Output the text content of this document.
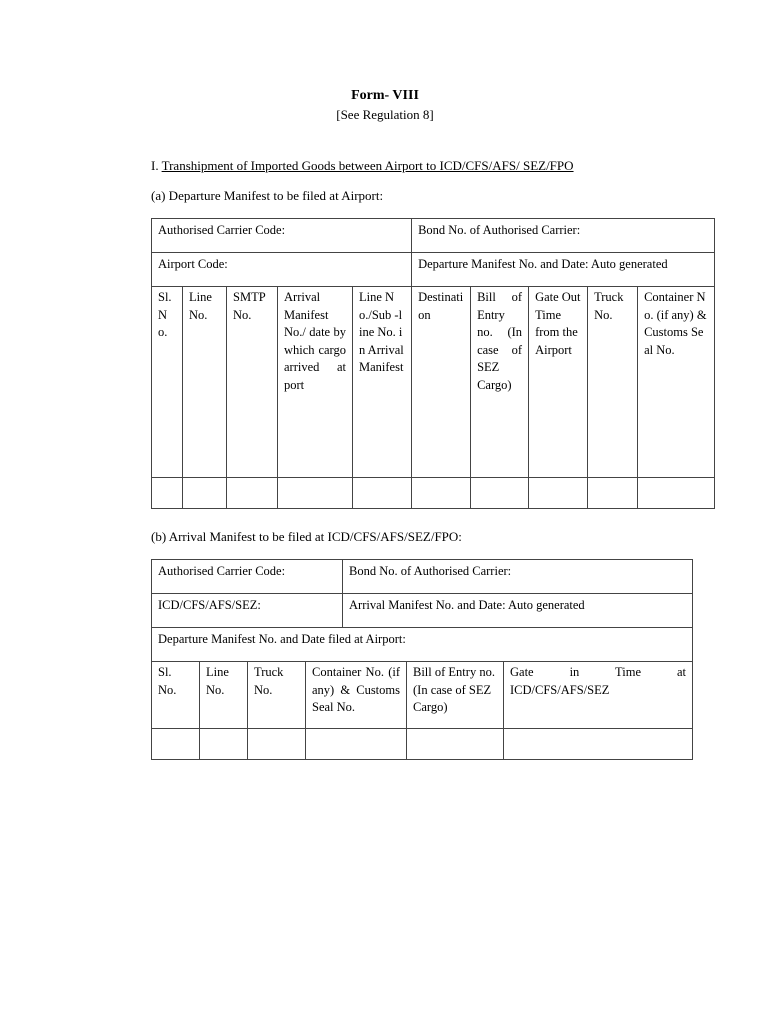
Form- VIII
[See Regulation 8]
I. Transhipment of Imported Goods between Airport to ICD/CFS/AFS/ SEZ/FPO
(a) Departure Manifest to be filed at Airport:
Authorised Carrier Code:					Bond No. of Authorised Carrier:				
Airport Code:					Departure Manifest No. and Date: Auto generated				
Sl. No.	Line No.	SMTP No.	Arrival Manifest No./ date by which cargo arrived at port	Line No./Sub -line No. in Arrival Manifest	Destination	Bill of Entry no. (In case of SEZ Cargo)	Gate Out Time from the Airport	Truck No.	Container No. (if any) & Customs Seal No.

(b) Arrival Manifest to be filed at ICD/CFS/AFS/SEZ/FPO:
Authorised Carrier Code:				Bond No. of Authorised Carrier:		
ICD/CFS/AFS/SEZ:				Arrival Manifest No. and Date: Auto generated		
Departure Manifest No. and Date filed at Airport:						
Sl. No.	Line No.	Truck No.	Container No. (if any) & Customs Seal No.		Bill of Entry no. (In case of SEZ Cargo)	Gate in Time at ICD/CFS/AFS/SEZ
